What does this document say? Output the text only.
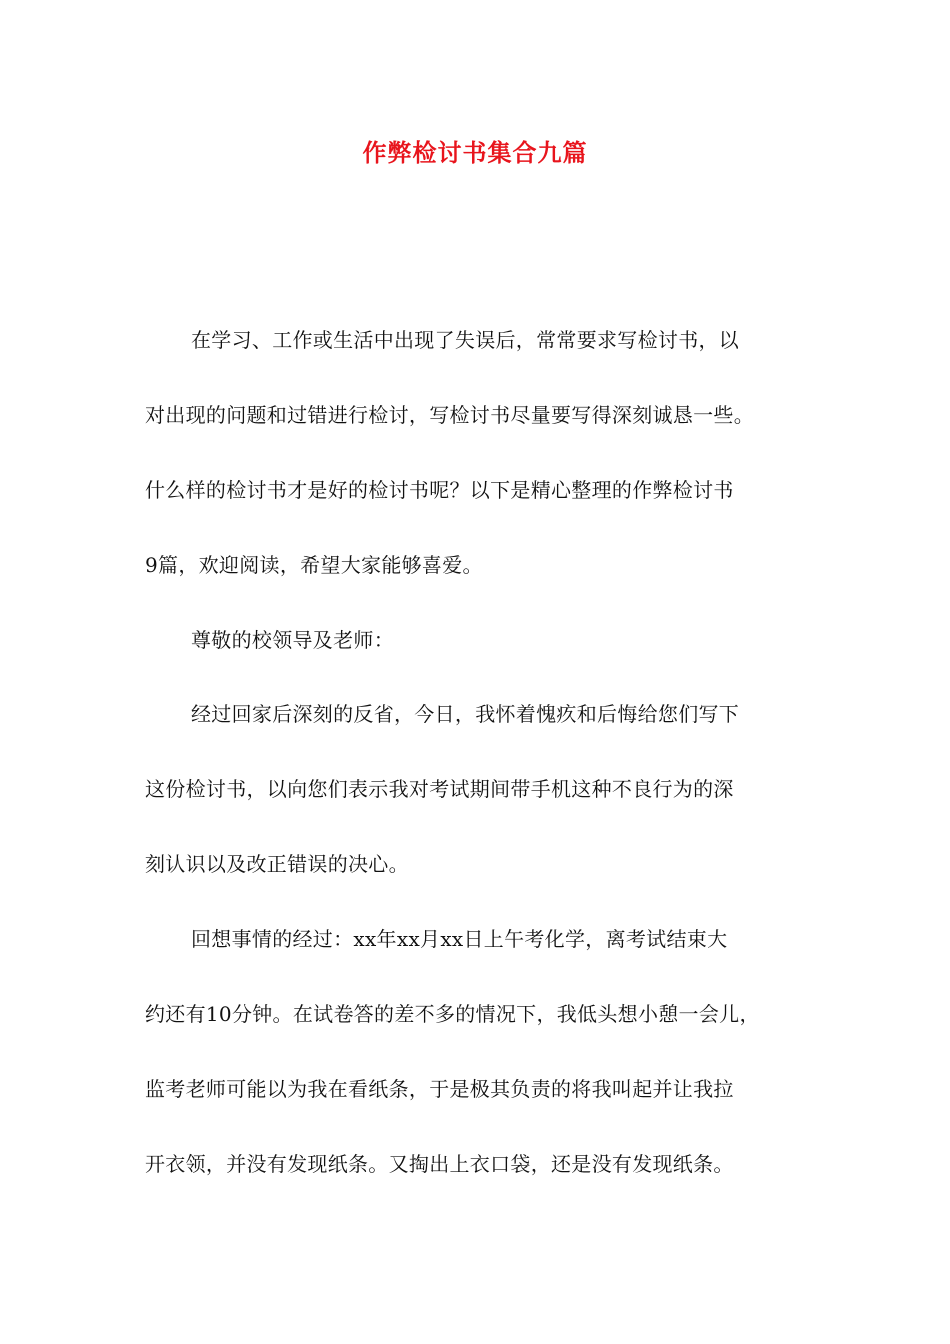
作弊检讨书集合九篇
在学习、工作或生活中出现了失误后，常常要求写检讨书，以
对出现的问题和过错进行检讨，写检讨书尽量要写得深刻诚恳一些。
什么样的检讨书才是好的检讨书呢？以下是精心整理的作弊检讨书
9篇，欢迎阅读，希望大家能够喜爱。
尊敬的校领导及老师：
经过回家后深刻的反省，今日，我怀着愧疚和后悔给您们写下
这份检讨书，以向您们表示我对考试期间带手机这种不良行为的深
刻认识以及改正错误的决心。
回想事情的经过：xx年xx月xx日上午考化学，离考试结束大
约还有10分钟。在试卷答的差不多的情况下，我低头想小憩一会儿，
监考老师可能以为我在看纸条，于是极其负责的将我叫起并让我拉
开衣领，并没有发现纸条。又掏出上衣口袋，还是没有发现纸条。
